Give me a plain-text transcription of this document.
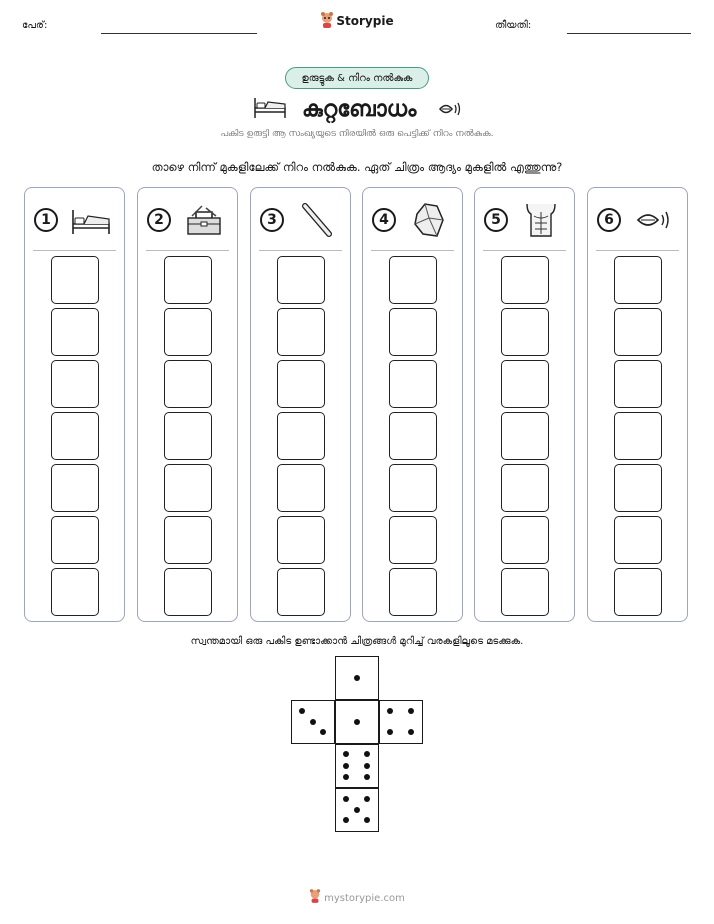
പേര്:	Storypie	തീയതി:
ഉരുട്ടുക & നിറം നൽകുക
കുറ്റബോധം
പകിട ഉരുട്ടി ആ സംഖ്യയുടെ നിരയിൽ ഒരു പെട്ടിക്ക് നിറം നൽകുക.
താഴെ നിന്ന് മുകളിലേക്ക് നിറം നൽകുക. ഏത് ചിത്രം ആദ്യം മുകളിൽ എത്തുന്നു?
1	2	3	4	5	6
സ്വന്തമായി ഒരു പകിട ഉണ്ടാക്കാൻ ചിത്രങ്ങൾ മുറിച്ച് വരകളിലൂടെ മടക്കുക.
mystorypie.com
